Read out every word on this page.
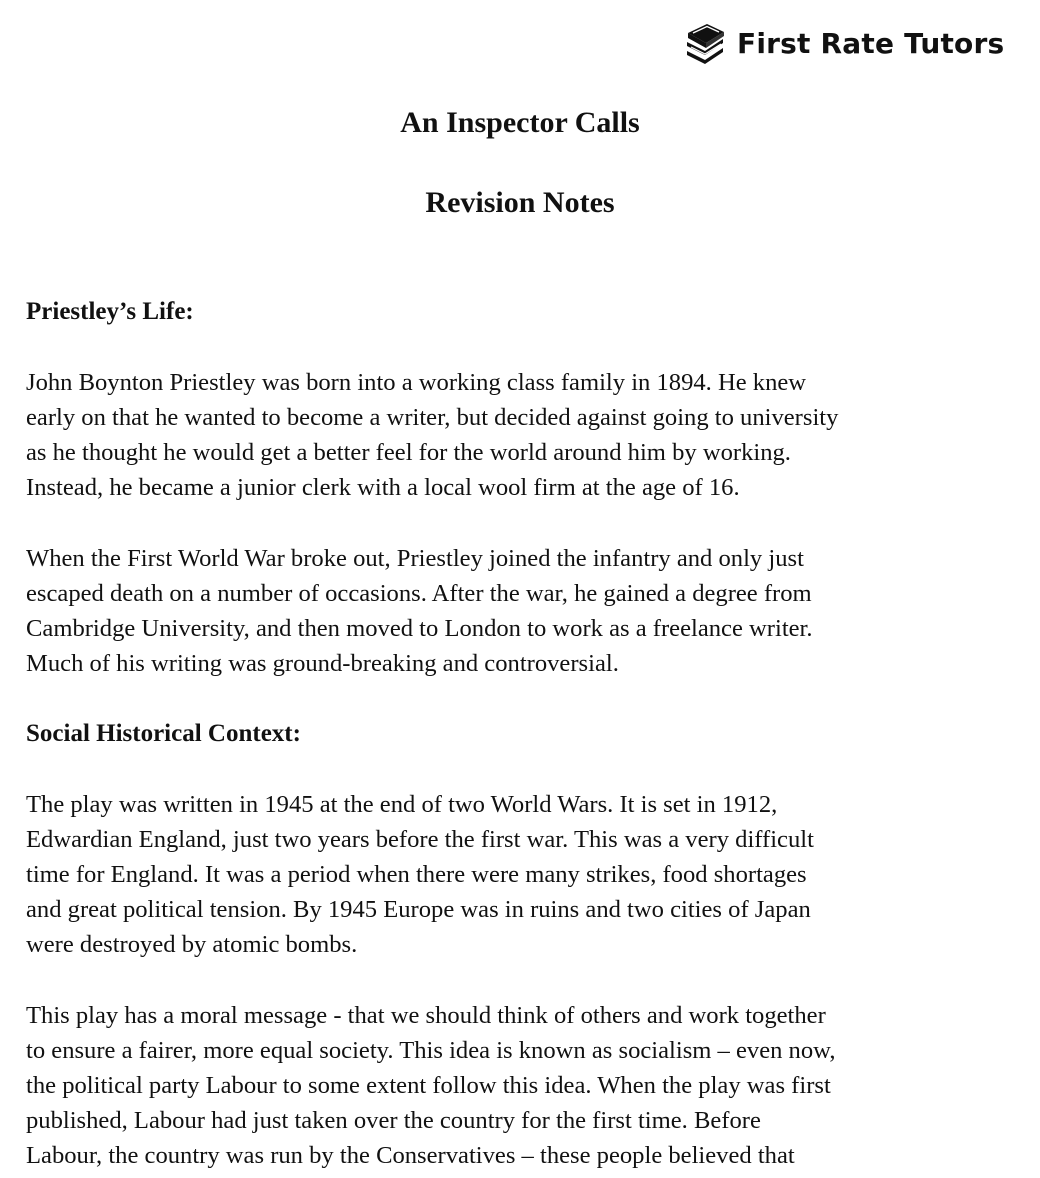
First Rate Tutors
An Inspector Calls
Revision Notes
Priestley’s Life:

John Boynton Priestley was born into a working class family in 1894. He knew
early on that he wanted to become a writer, but decided against going to university
as he thought he would get a better feel for the world around him by working.
Instead, he became a junior clerk with a local wool firm at the age of 16.

When the First World War broke out, Priestley joined the infantry and only just
escaped death on a number of occasions. After the war, he gained a degree from
Cambridge University, and then moved to London to work as a freelance writer.
Much of his writing was ground-breaking and controversial.

Social Historical Context:

The play was written in 1945 at the end of two World Wars. It is set in 1912,
Edwardian England, just two years before the first war. This was a very difficult
time for England. It was a period when there were many strikes, food shortages
and great political tension. By 1945 Europe was in ruins and two cities of Japan
were destroyed by atomic bombs.

This play has a moral message - that we should think of others and work together
to ensure a fairer, more equal society. This idea is known as socialism – even now,
the political party Labour to some extent follow this idea. When the play was first
published, Labour had just taken over the country for the first time. Before
Labour, the country was run by the Conservatives – these people believed that
